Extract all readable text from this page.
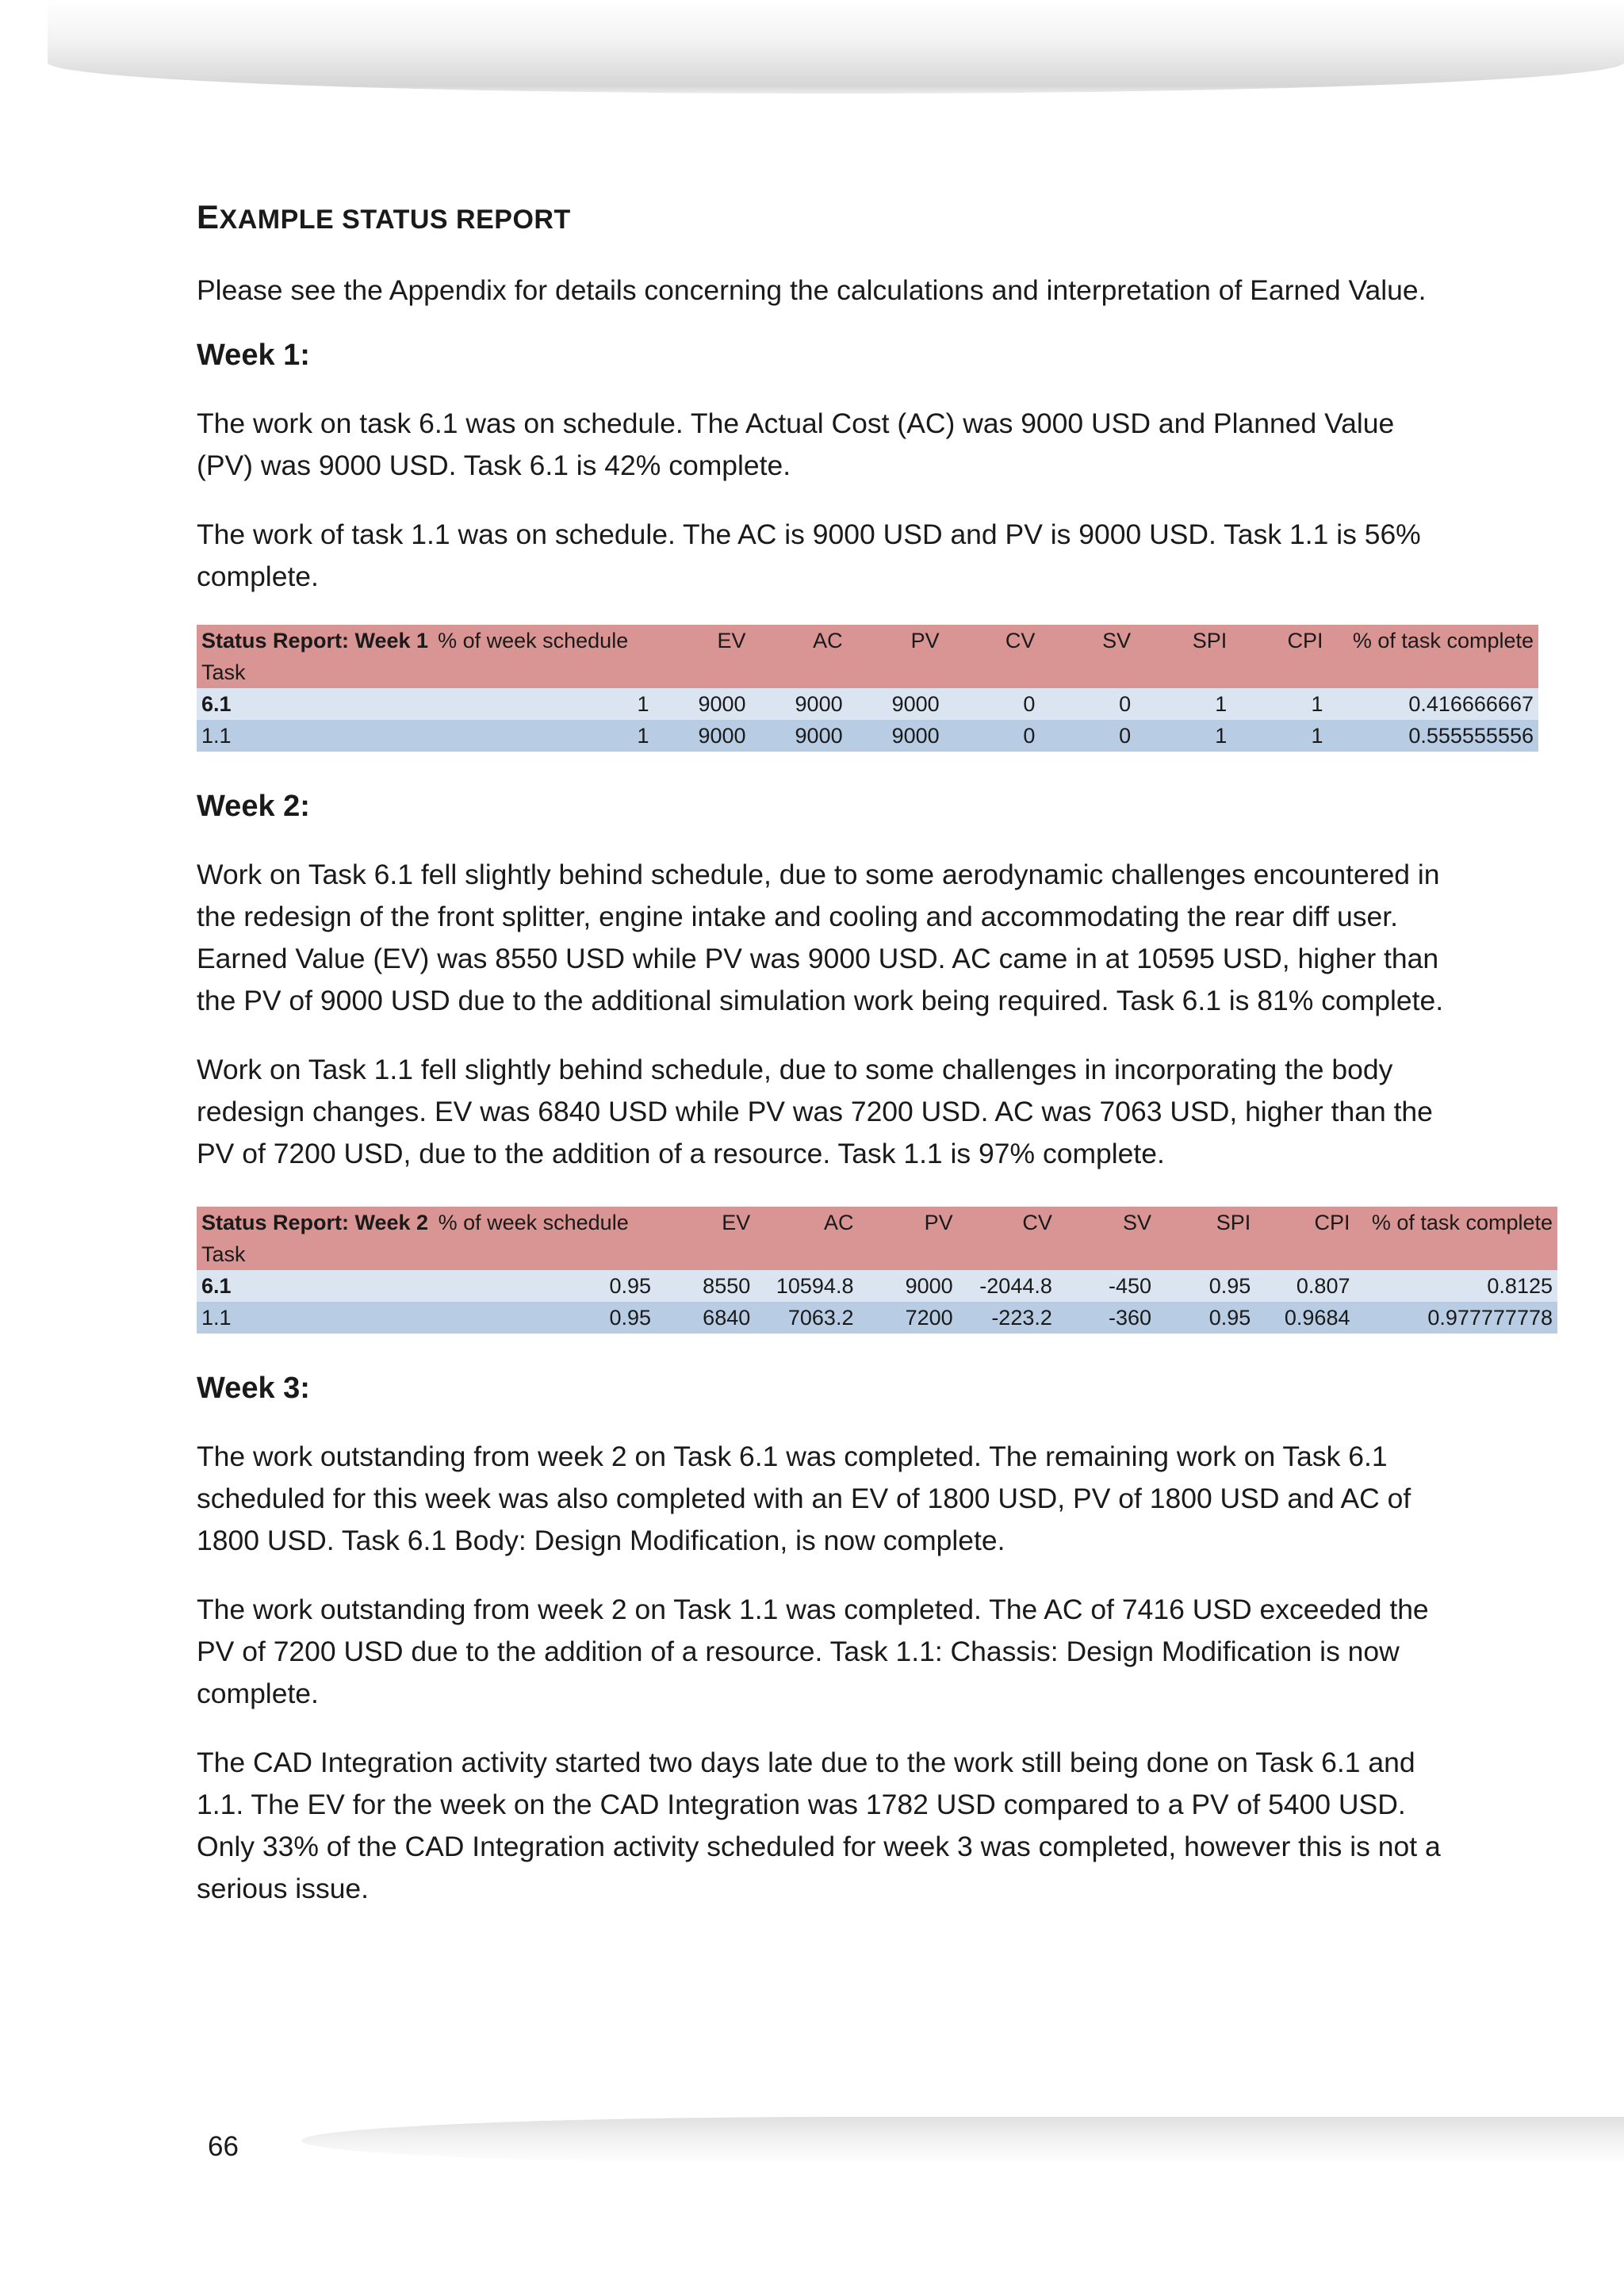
EXAMPLE STATUS REPORT

Please see the Appendix for details concerning the calculations and interpretation of Earned Value.

Week 1:

The work on task 6.1 was on schedule. The Actual Cost (AC) was 9000 USD and Planned Value (PV) was 9000 USD. Task 6.1 is 42% complete.

The work of task 1.1 was on schedule. The AC is 9000 USD and PV is 9000 USD. Task 1.1 is 56% complete.

Status Report: Week 1	% of week schedule	EV	AC	PV	CV	SV	SPI	CPI	% of task complete
Task									
6.1	1	9000	9000	9000	0	0	1	1	0.416666667
1.1	1	9000	9000	9000	0	0	1	1	0.555555556
Week 2:

Work on Task 6.1 fell slightly behind schedule, due to some aerodynamic challenges encountered in the redesign of the front splitter, engine intake and cooling and accommodating the rear diff user. Earned Value (EV) was 8550 USD while PV was 9000 USD. AC came in at 10595 USD, higher than the PV of 9000 USD due to the additional simulation work being required. Task 6.1 is 81% complete.

Work on Task 1.1 fell slightly behind schedule, due to some challenges in incorporating the body redesign changes. EV was 6840 USD while PV was 7200 USD. AC was 7063 USD, higher than the PV of 7200 USD, due to the addition of a resource. Task 1.1 is 97% complete.

Status Report: Week 2	% of week schedule	EV	AC	PV	CV	SV	SPI	CPI	% of task complete
Task									
6.1	0.95	8550	10594.8	9000	-2044.8	-450	0.95	0.807	0.8125
1.1	0.95	6840	7063.2	7200	-223.2	-360	0.95	0.9684	0.977777778
Week 3:

The work outstanding from week 2 on Task 6.1 was completed. The remaining work on Task 6.1 scheduled for this week was also completed with an EV of 1800 USD, PV of 1800 USD and AC of 1800 USD. Task 6.1 Body: Design Modification, is now complete.

The work outstanding from week 2 on Task 1.1 was completed. The AC of 7416 USD exceeded the PV of 7200 USD due to the addition of a resource. Task 1.1: Chassis: Design Modification is now complete.

The CAD Integration activity started two days late due to the work still being done on Task 6.1 and 1.1. The EV for the week on the CAD Integration was 1782 USD compared to a PV of 5400 USD. Only 33% of the CAD Integration activity scheduled for week 3 was completed, however this is not a serious issue.

66
